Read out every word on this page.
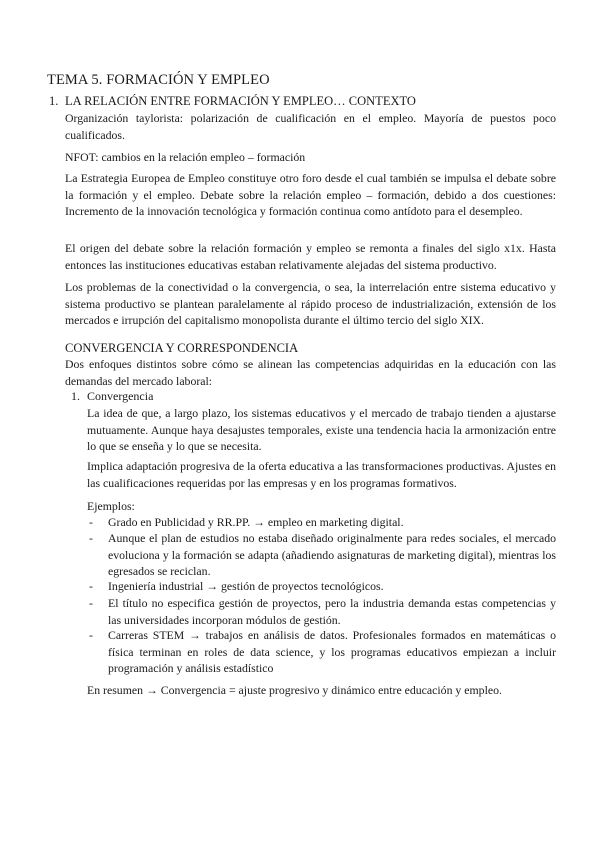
TEMA 5. FORMACIÓN Y EMPLEO
1. LA RELACIÓN ENTRE FORMACIÓN Y EMPLEO… CONTEXTO
Organización taylorista: polarización de cualificación en el empleo. Mayoría de puestos poco cualificados.
NFOT: cambios en la relación empleo – formación
La Estrategia Europea de Empleo constituye otro foro desde el cual también se impulsa el debate sobre la formación y el empleo. Debate sobre la relación empleo – formación, debido a dos cuestiones: Incremento de la innovación tecnológica y formación continua como antídoto para el desempleo.
El origen del debate sobre la relación formación y empleo se remonta a finales del siglo x1x. Hasta entonces las instituciones educativas estaban relativamente alejadas del sistema productivo.
Los problemas de la conectividad o la convergencia, o sea, la interrelación entre sistema educativo y sistema productivo se plantean paralelamente al rápido proceso de industrialización, extensión de los mercados e irrupción del capitalismo monopolista durante el último tercio del siglo XIX.
CONVERGENCIA Y CORRESPONDENCIA
Dos enfoques distintos sobre cómo se alinean las competencias adquiridas en la educación con las demandas del mercado laboral:
1. Convergencia
La idea de que, a largo plazo, los sistemas educativos y el mercado de trabajo tienden a ajustarse mutuamente. Aunque haya desajustes temporales, existe una tendencia hacia la armonización entre lo que se enseña y lo que se necesita.
Implica adaptación progresiva de la oferta educativa a las transformaciones productivas. Ajustes en las cualificaciones requeridas por las empresas y en los programas formativos.
Ejemplos:
- Grado en Publicidad y RR.PP. → empleo en marketing digital.
- Aunque el plan de estudios no estaba diseñado originalmente para redes sociales, el mercado evoluciona y la formación se adapta (añadiendo asignaturas de marketing digital), mientras los egresados se reciclan.
- Ingeniería industrial → gestión de proyectos tecnológicos.
- El título no especifica gestión de proyectos, pero la industria demanda estas competencias y las universidades incorporan módulos de gestión.
- Carreras STEM → trabajos en análisis de datos. Profesionales formados en matemáticas o física terminan en roles de data science, y los programas educativos empiezan a incluir programación y análisis estadístico
En resumen → Convergencia = ajuste progresivo y dinámico entre educación y empleo.
